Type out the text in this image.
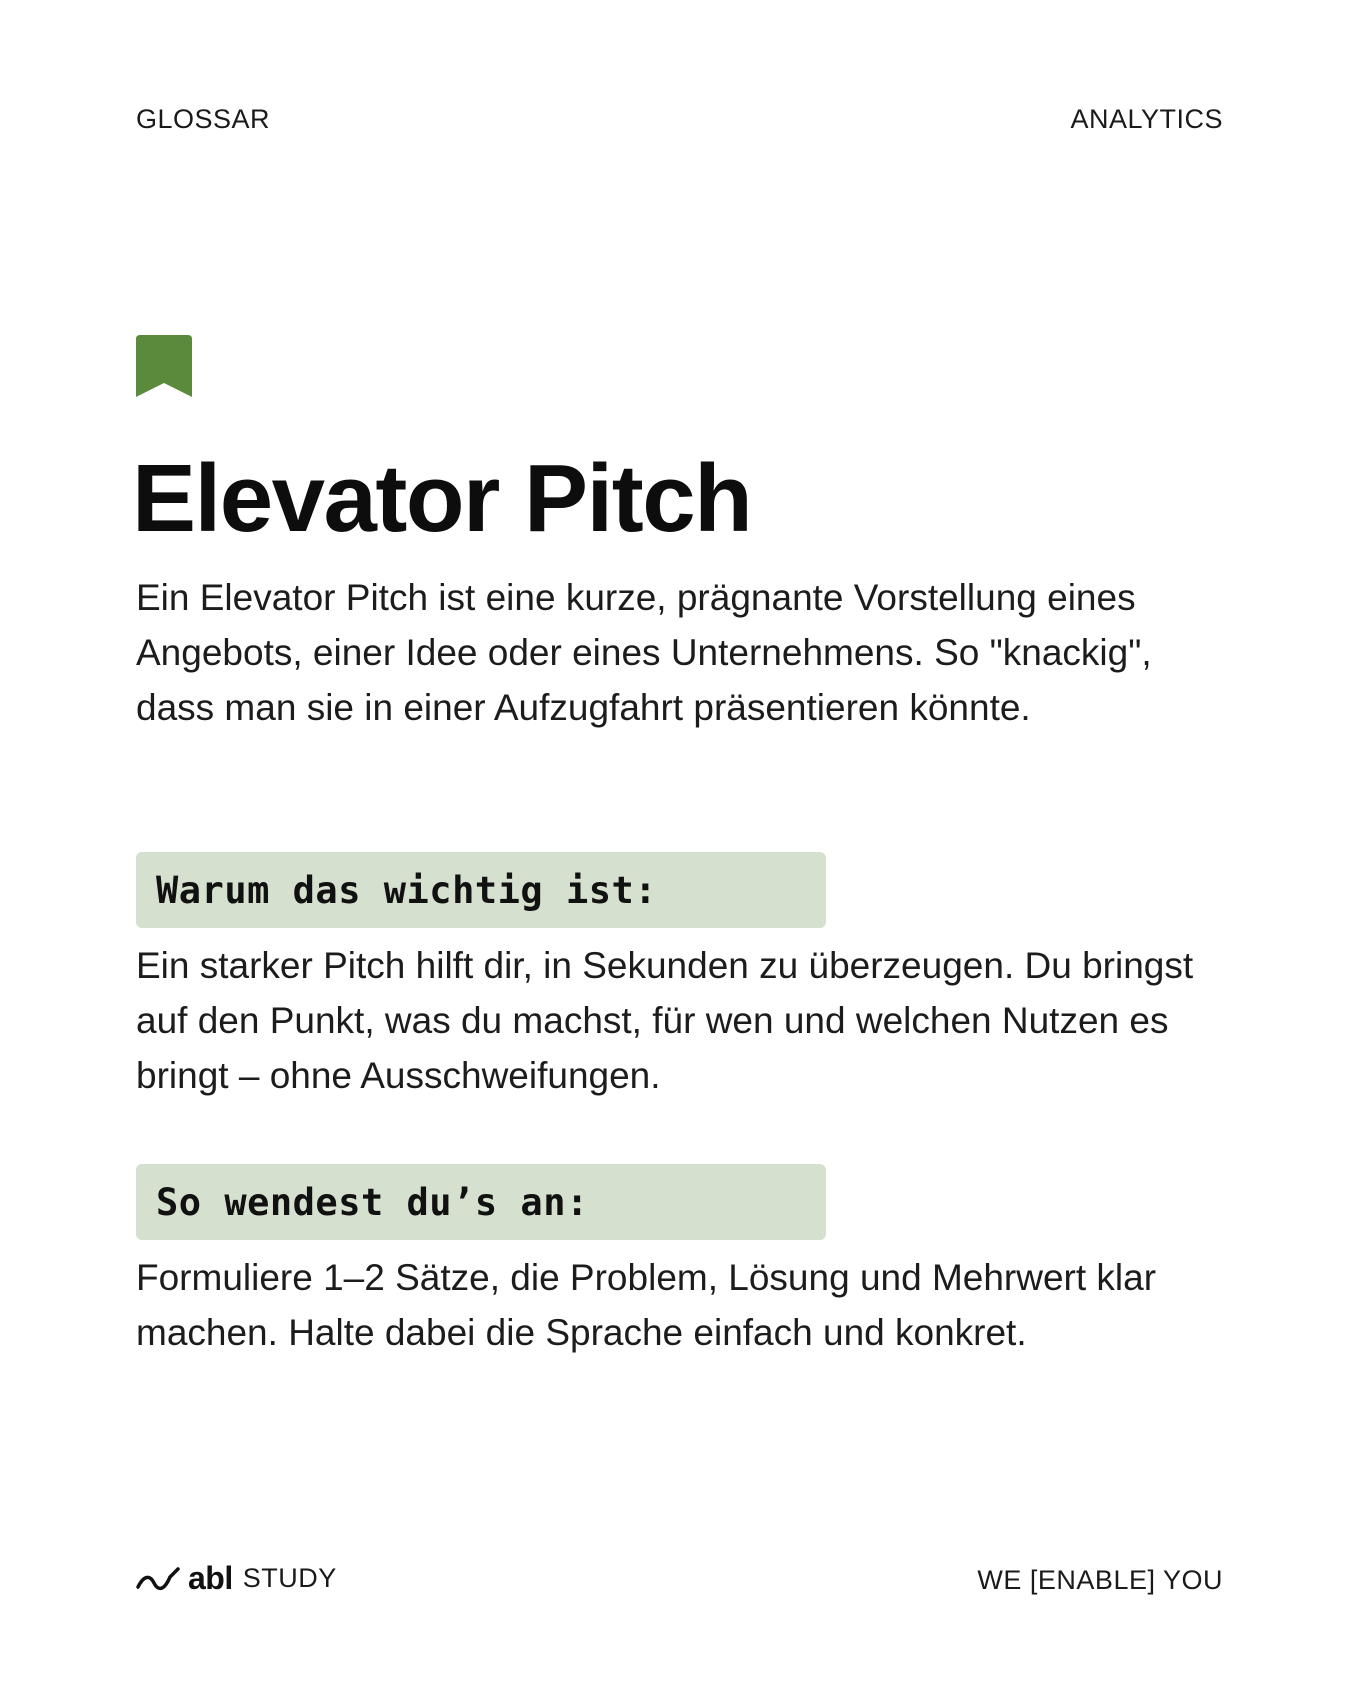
GLOSSAR	ANALYTICS
Elevator Pitch

Ein Elevator Pitch ist eine kurze, prägnante Vorstellung eines Angebots, einer Idee oder eines Unternehmens. So "knackig", dass man sie in einer Aufzugfahrt präsentieren könnte.

Warum das wichtig ist:

Ein starker Pitch hilft dir, in Sekunden zu überzeugen. Du bringst auf den Punkt, was du machst, für wen und welchen Nutzen es bringt – ohne Ausschweifungen.

So wendest du’s an:

Formuliere 1–2 Sätze, die Problem, Lösung und Mehrwert klar machen. Halte dabei die Sprache einfach und konkret.

abl STUDY	WE [ENABLE] YOU
